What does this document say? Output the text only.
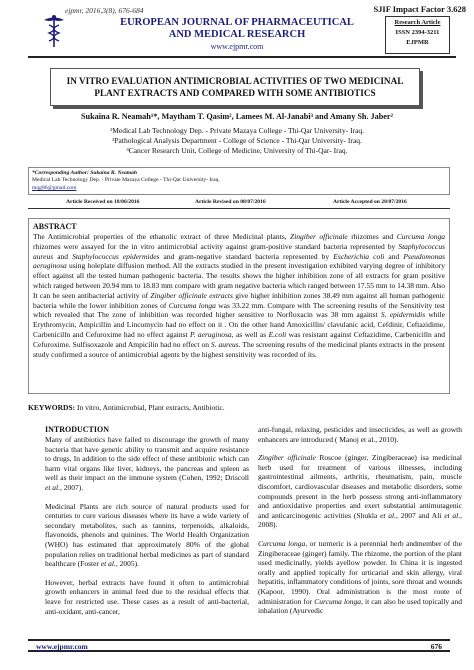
ejpmr, 2016,3(8), 676-684
EUROPEAN JOURNAL OF PHARMACEUTICAL
AND MEDICAL RESEARCH
www.ejpmr.com
SJIF Impact Factor 3.628
Research Article
ISSN 2394-3211
EJPMR
IN VITRO EVALUATION ANTIMICROBIAL ACTIVITIES OF TWO MEDICINAL
PLANT EXTRACTS AND COMPARED WITH SOME ANTIBIOTICS
Sukaina R. Neamah¹*, Maytham T. Qasim², Lamees M. Al-Janabi³ and Amany Sh. Jaber²
¹Medical Lab Technology Dep. - Private Mazaya College - Thi-Qar University- Iraq.
²Pathological Analysis Department - College of Science - Thi-Qar University- Iraq.
³Cancer Research Unit, College of Medicine, University of Thi-Qar- Iraq.
*Corresponding Author: Sukaina R. Neamah
Medical Lab Technology Dep. - Private Mazaya College - Thi-Qar University- Iraq.
mqg86@gmail.com
Article Received on 18/06/2016	Article Revised on 08/07/2016	Article Accepted on 28/07/2016
ABSTRACT
The Antimicrobial properties of the ethanolic extract of three Medicinal plants, Zingiber officinale rhizomes and Curcuma longa rhizomes were assayed for the in vitro antimicrobial activity against gram-positive standard bacteria represented by Staphylococcus aureus and Staphylococcus epidermides and gram-negative standard bacteria represented by Escherichia coli and Pseudomonas aeruginosa using holeplate diffusion method. All the extracts studied in the present investigation exhibited varying degree of inhibitory effect against all the tested human pathogenic bacteria. The results shows the higher inhibition zone of all extracts for gram positive which ranged between 20.94 mm to 18.83 mm compare with gram negative bacteria which ranged between 17.55 mm to 14.38 mm. Also It can be seen antibacterial activity of Zingiber officinale extracts give higher inhibition zones 38.49 mm against all human pathogenic bacteria while the lower inhibition zones of Curcuma longa was 33.22 mm. Compare with The screening results of the Sensitivity test which revealed that The zone of inhibition was recorded higher sensitive to Norfloxacin was 38 mm against S. epidermidis while Erythromycin, Ampicillin and Lincomycin had no effect on it . On the other hand Amoxicillin/ clavulanic acid, Cefdinir, Ceftazidime, Carbenicilln and Cefuroxime had no effect against P. aeruginosa, as well as E.coli was resistant against Ceftazidime, Carbenicilln and Cefuroxime. Sulfisoxazole and Ampicilin had no effect on S. aureus. The screening results of the medicinal plants extracts in the present study confirmed a source of antimicrobial agents by the highest sensitivity was recorded of its.
KEYWORDS: In vitro, Antimicrobial, Plant extracts, Antibiotic.
INTRODUCTION

Many of antibiotics have failed to discourage the growth of many bacteria that have genetic ability to transmit and acquire resistance to drugs, In addition to the side effect of these antibiotic which can harm vital organs like liver, kidneys, the pancreas and spleen as well as their impact on the immune system (Cohen, 1992; Driscoll et al., 2007).

Medicinal Plants are rich source of natural products used for centuries to cure various diseases where its have a wide variety of secondary metabolites, such as tannins, terpenoids, alkaloids, flavonoids, phenols and quinines. The World Health Organization (WHO) has estimated that approximately 80% of the global population relies on traditional herbal medicines as part of standard healthcare (Foster et al., 2005).

However, herbal extracts have found it often to antimicrobial growth enhancers in animal feed due to the residual effects that leave for restricted use. These cases as a result of anti-bacterial, anti-oxidant, anti-cancer,

anti-fungal, relaxing, pesticides and insecticides, as well as growth enhancers are introduced ( Manoj et al., 2010).

Zingiber officinale Roscoe (ginger, Zingiberaceae) isa medicinal herb used for treatment of various illnesses, including gastrointestinal ailments, arthritis, rheumatism, pain, muscle discomfort, cardiovascular diseases and metabolic disorders, some compounds present in the herb possess strong anti-inflammatory and antioxidative properties and exert substantial antimutagenic and anticarcinogenic activities (Shukla et al., 2007 and Ali et al., 2008).

Curcuma longa, or turmeric is a perennial herb andmember of the Zingiberaceae (ginger) family. The rhizome, the portion of the plant used medicinally, yields ayellow powder. In China it is ingested orally and applied topically for urticarial and skin allergy, viral hepatitis, inflammatory conditions of joints, sore throat and wounds (Kapoor, 1990). Oral administration is the most route of administration for Curcuma longa, it can also be used topically and inhalation (Ayurvedic

www.ejpmr.com	676
